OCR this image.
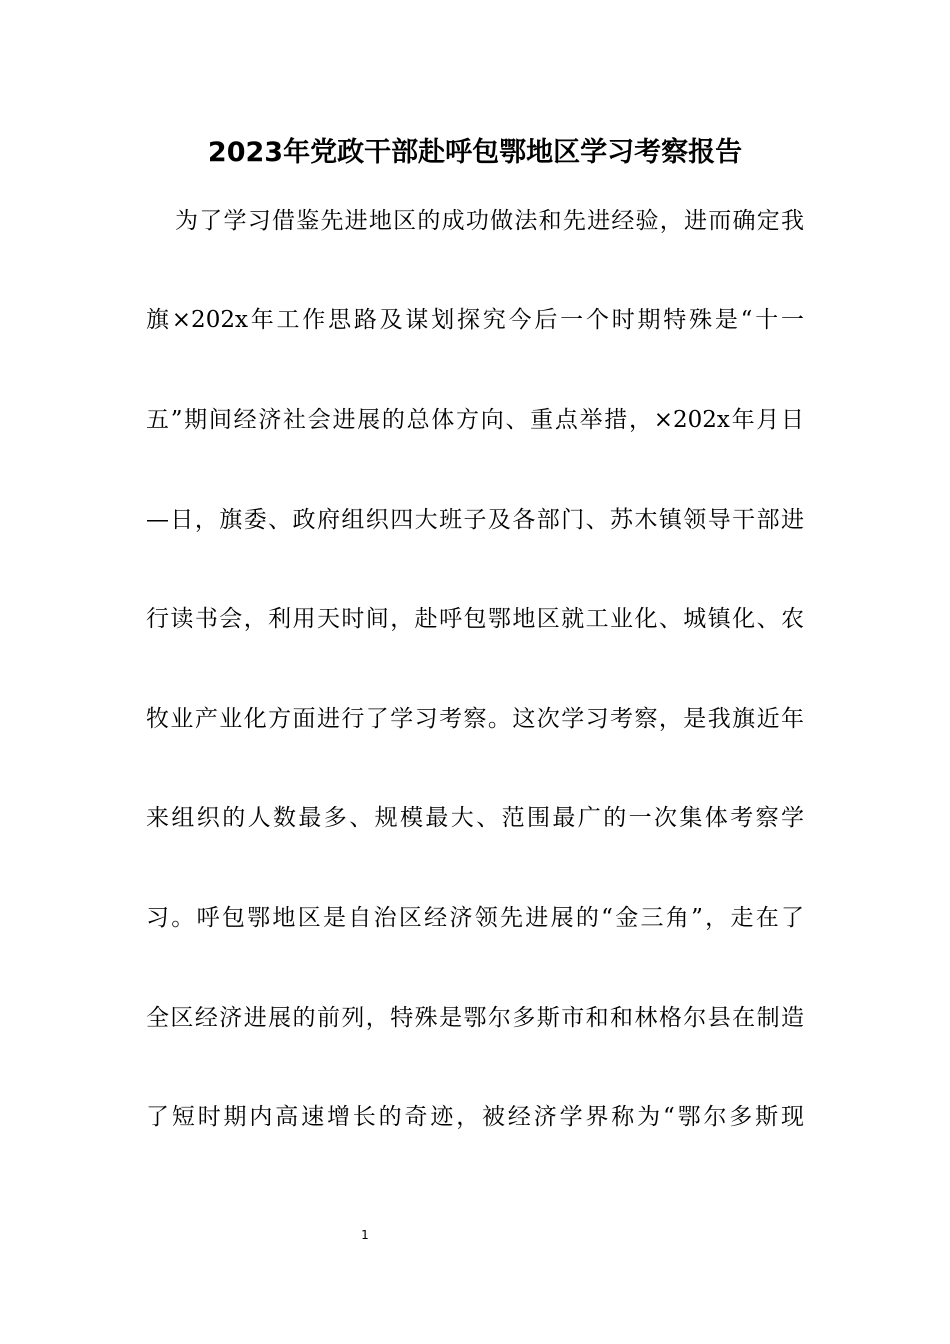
2023年党政干部赴呼包鄂地区学习考察报告

为了学习借鉴先进地区的成功做法和先进经验，进而确定我

旗×202x年工作思路及谋划探究今后一个时期特殊是“十一

五”期间经济社会进展的总体方向、重点举措，×202x年月日

—日，旗委、政府组织四大班子及各部门、苏木镇领导干部进

行读书会，利用天时间，赴呼包鄂地区就工业化、城镇化、农

牧业产业化方面进行了学习考察。这次学习考察，是我旗近年

来组织的人数最多、规模最大、范围最广的一次集体考察学

习。呼包鄂地区是自治区经济领先进展的“金三角”，走在了

全区经济进展的前列，特殊是鄂尔多斯市和和林格尔县在制造

了短时期内高速增长的奇迹，被经济学界称为“鄂尔多斯现

1
